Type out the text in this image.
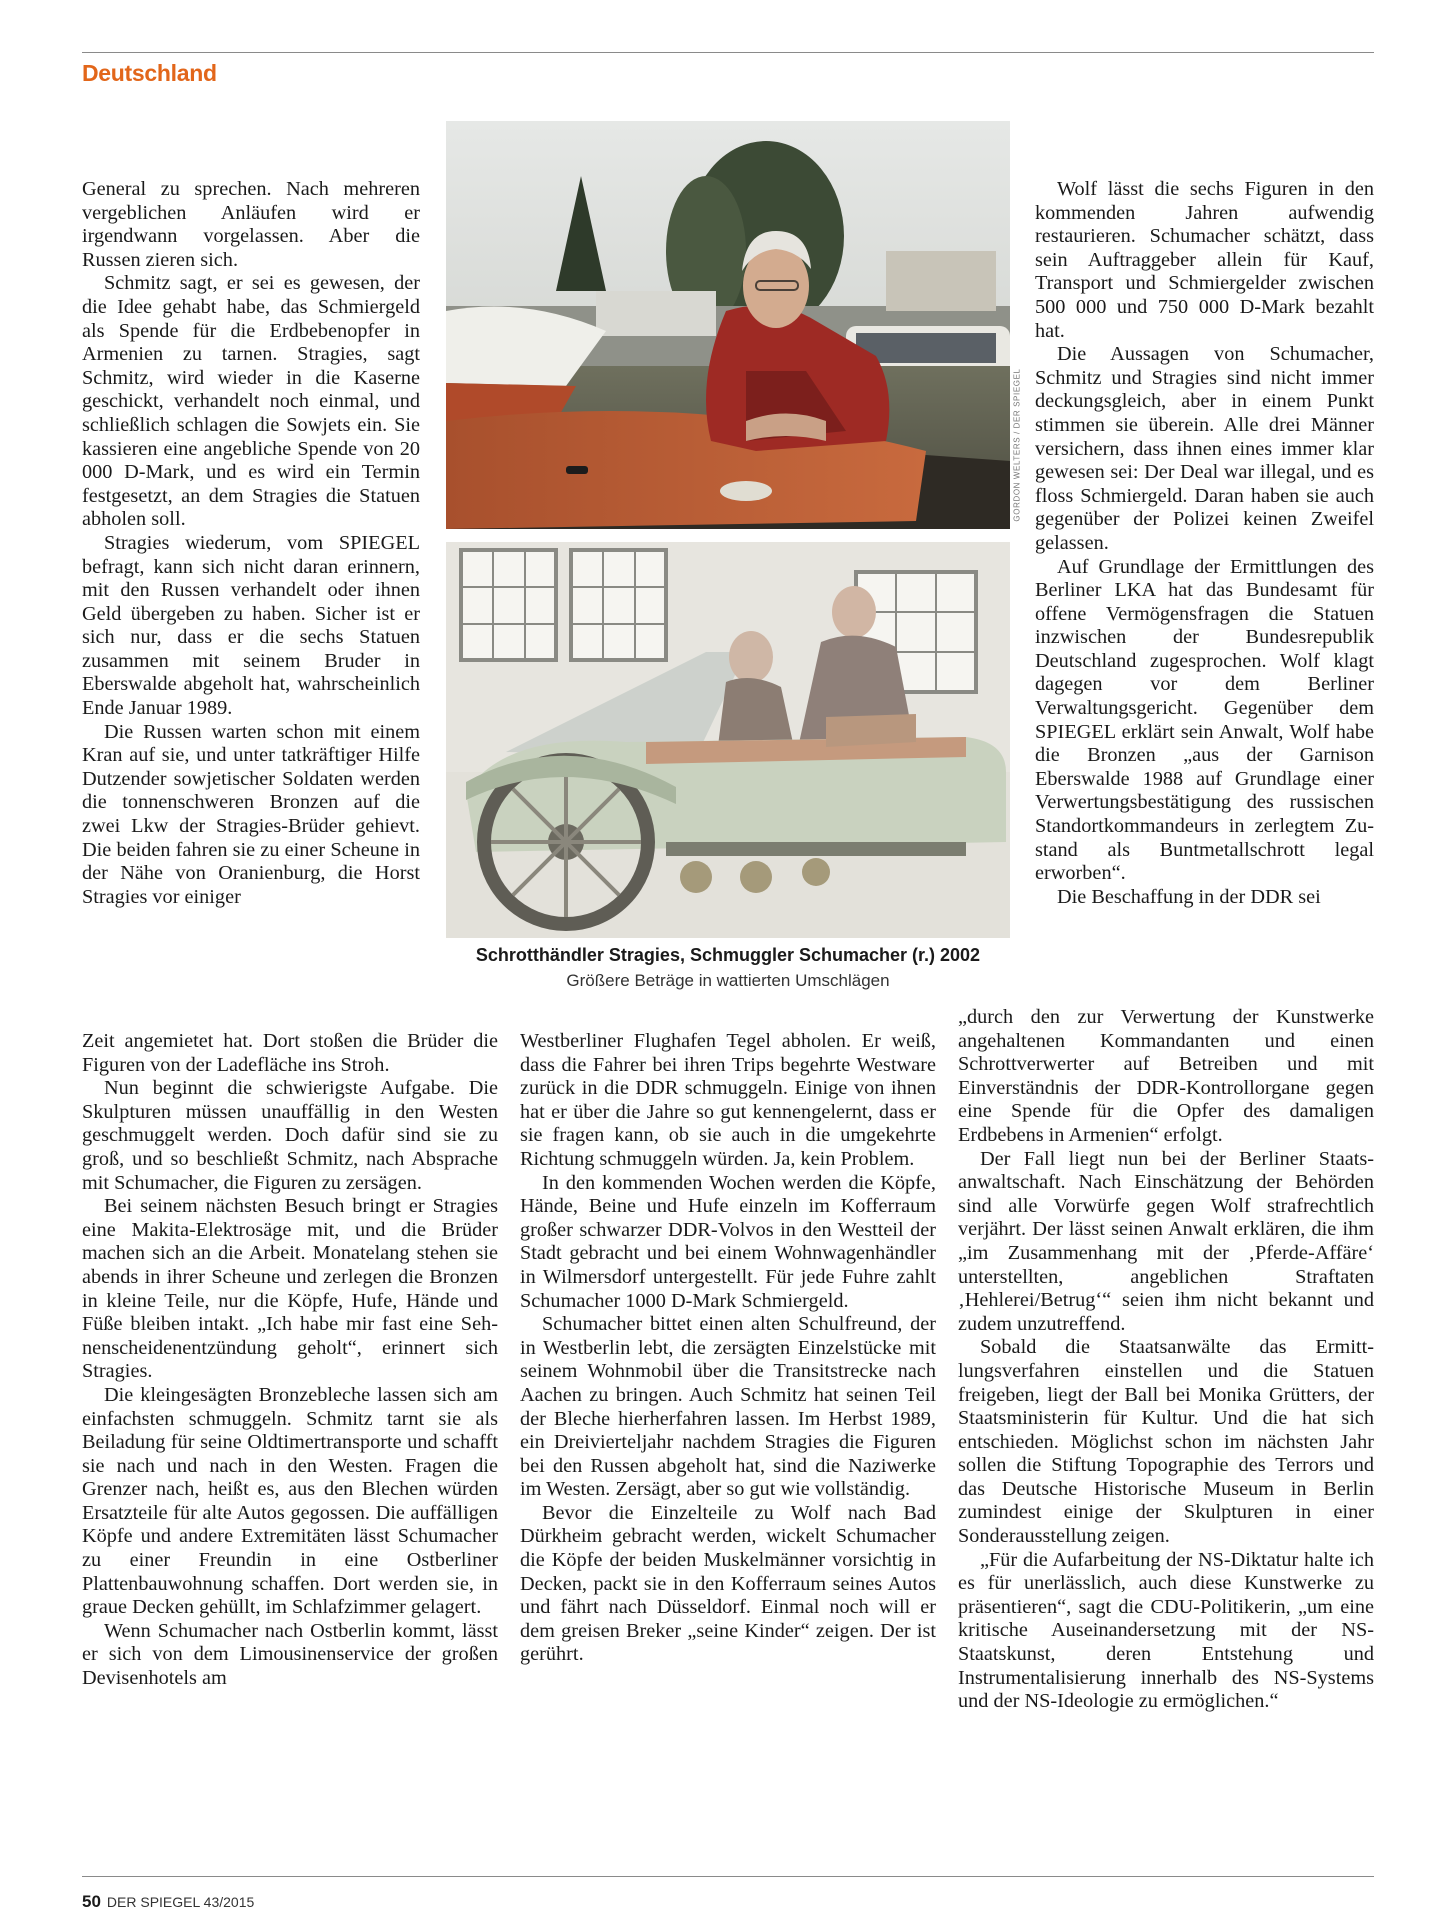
Deutschland

General zu sprechen. Nach mehreren vergeblichen Anläufen wird er irgendwann vorgelassen. Aber die Russen zieren sich.

Schmitz sagt, er sei es gewesen, der die Idee gehabt habe, das Schmiergeld als Spende für die Erdbebenopfer in Armenien zu tarnen. Stragies, sagt Schmitz, wird wieder in die Kaserne geschickt, verhandelt noch einmal, und schließlich schlagen die Sowjets ein. Sie kassieren eine angebliche Spende von 20 000 D-Mark, und es wird ein Termin festgesetzt, an dem Stragies die Statuen abholen soll.

Stragies wiederum, vom SPIEGEL befragt, kann sich nicht daran erinnern, mit den Russen verhandelt oder ihnen Geld übergeben zu haben. Sicher ist er sich nur, dass er die sechs Statuen zusammen mit seinem Bruder in Eberswalde abgeholt hat, wahrscheinlich Ende Januar 1989.

Die Russen warten schon mit einem Kran auf sie, und unter tatkräftiger Hilfe Dutzender sowjetischer Soldaten werden die tonnenschweren Bronzen auf die zwei Lkw der Stragies-Brüder gehievt. Die beiden fahren sie zu einer Scheune in der Nähe von Oranienburg, die Horst Stragies vor einiger

Zeit angemietet hat. Dort stoßen die Brüder die Figuren von der Ladefläche ins Stroh.

Nun beginnt die schwierigste Aufgabe. Die Skulpturen müssen unauffällig in den Westen geschmuggelt werden. Doch dafür sind sie zu groß, und so beschließt Schmitz, nach Absprache mit Schumacher, die Figuren zu zersägen.

Bei seinem nächsten Besuch bringt er Stragies eine Makita-Elektrosäge mit, und die Brüder machen sich an die Arbeit. Monatelang stehen sie abends in ihrer Scheune und zerlegen die Bronzen in kleine Teile, nur die Köpfe, Hufe, Hände und Füße bleiben intakt. „Ich habe mir fast eine Sehnenscheidenentzündung geholt“, erinnert sich Stragies.

Die kleingesägten Bronzebleche lassen sich am einfachsten schmuggeln. Schmitz tarnt sie als Beiladung für seine Oldtimertransporte und schafft sie nach und nach in den Westen. Fragen die Grenzer nach, heißt es, aus den Blechen würden Ersatzteile für alte Autos gegossen. Die auffälligen Köpfe und andere Extremitäten lässt Schumacher zu einer Freundin in eine Ostberliner Plattenbauwohnung schaffen. Dort werden sie, in graue Decken gehüllt, im Schlafzimmer gelagert.

Wenn Schumacher nach Ostberlin kommt, lässt er sich von dem Limousinenservice der großen Devisenhotels am

Westberliner Flughafen Tegel abholen. Er weiß, dass die Fahrer bei ihren Trips begehrte Westware zurück in die DDR schmuggeln. Einige von ihnen hat er über die Jahre so gut kennengelernt, dass er sie fragen kann, ob sie auch in die umgekehrte Richtung schmuggeln würden. Ja, kein Problem.

In den kommenden Wochen werden die Köpfe, Hände, Beine und Hufe einzeln im Kofferraum großer schwarzer DDR-Volvos in den Westteil der Stadt gebracht und bei einem Wohnwagenhändler in Wilmersdorf untergestellt. Für jede Fuhre zahlt Schumacher 1000 D-Mark Schmiergeld.

Schumacher bittet einen alten Schulfreund, der in Westberlin lebt, die zersägten Einzelstücke mit seinem Wohnmobil über die Transitstrecke nach Aachen zu bringen. Auch Schmitz hat seinen Teil der Bleche hierherfahren lassen. Im Herbst 1989, ein Dreivierteljahr nachdem Stragies die Figuren bei den Russen abgeholt hat, sind die Naziwerke im Westen. Zersägt, aber so gut wie vollständig.

Bevor die Einzelteile zu Wolf nach Bad Dürkheim gebracht werden, wickelt Schumacher die Köpfe der beiden Muskelmänner vorsichtig in Decken, packt sie in den Kofferraum seines Autos und fährt nach Düsseldorf. Einmal noch will er dem greisen Breker „seine Kinder“ zeigen. Der ist gerührt.

Wolf lässt die sechs Figuren in den kommenden Jahren aufwendig restaurieren. Schumacher schätzt, dass sein Auftraggeber allein für Kauf, Transport und Schmiergelder zwischen 500 000 und 750 000 D-Mark bezahlt hat.

Die Aussagen von Schumacher, Schmitz und Stragies sind nicht immer deckungsgleich, aber in einem Punkt stimmen sie überein. Alle drei Männer versichern, dass ihnen eines immer klar gewesen sei: Der Deal war illegal, und es floss Schmiergeld. Daran haben sie auch gegenüber der Polizei keinen Zweifel gelassen.

Auf Grundlage der Ermittlungen des Berliner LKA hat das Bundesamt für offene Vermögensfragen die Statuen inzwischen der Bundesrepublik Deutschland zugesprochen. Wolf klagt dagegen vor dem Berliner Verwaltungsgericht. Gegenüber dem SPIEGEL erklärt sein Anwalt, Wolf habe die Bronzen „aus der Garnison Eberswalde 1988 auf Grundlage einer Verwertungsbestätigung des russischen Standortkommandeurs in zerlegtem Zustand als Buntmetallschrott legal erworben“.

Die Beschaffung in der DDR sei

„durch den zur Verwertung der Kunstwerke angehaltenen Kommandanten und einen Schrottverwerter auf Betreiben und mit Einverständnis der DDR-Kontrollorgane gegen eine Spende für die Opfer des damaligen Erdbebens in Armenien“ erfolgt.

Der Fall liegt nun bei der Berliner Staatsanwaltschaft. Nach Einschätzung der Behörden sind alle Vorwürfe gegen Wolf strafrechtlich verjährt. Der lässt seinen Anwalt erklären, die ihm „im Zusammenhang mit der ‚Pferde-Affäre‘ unterstellten, angeblichen Straftaten ‚Hehlerei/Betrug‘“ seien ihm nicht bekannt und zudem unzutreffend.

Sobald die Staatsanwälte das Ermittlungsverfahren einstellen und die Statuen freigeben, liegt der Ball bei Monika Grütters, der Staatsministerin für Kultur. Und die hat sich entschieden. Möglichst schon im nächsten Jahr sollen die Stiftung Topographie des Terrors und das Deutsche Historische Museum in Berlin zumindest einige der Skulpturen in einer Sonderausstellung zeigen.

„Für die Aufarbeitung der NS-Diktatur halte ich es für unerlässlich, auch diese Kunstwerke zu präsentieren“, sagt die CDU-Politikerin, „um eine kritische Auseinandersetzung mit der NS-Staatskunst, deren Entstehung und Instrumentalisierung innerhalb des NS-Systems und der NS-Ideologie zu ermöglichen.“

GORDON WELTERS / DER SPIEGEL
Schrotthändler Stragies, Schmuggler Schumacher (r.) 2002
Größere Beträge in wattierten Umschlägen
50 DER SPIEGEL 43/2015
